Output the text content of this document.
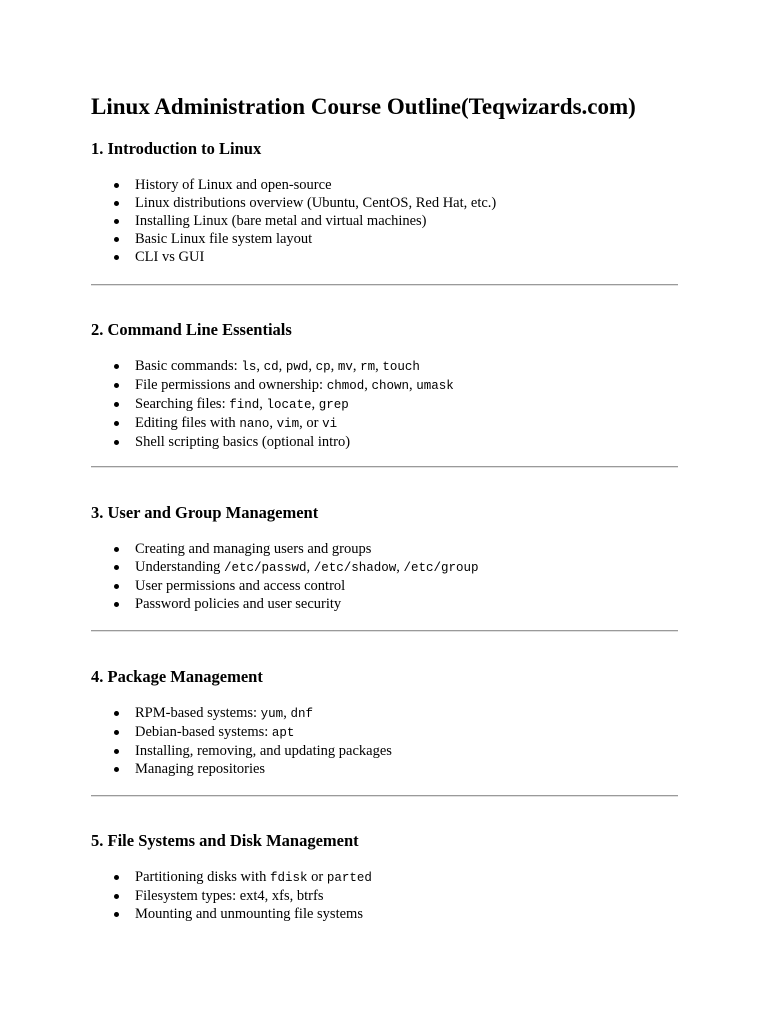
Linux Administration Course Outline(Teqwizards.com)
1. Introduction to Linux
History of Linux and open-source
Linux distributions overview (Ubuntu, CentOS, Red Hat, etc.)
Installing Linux (bare metal and virtual machines)
Basic Linux file system layout
CLI vs GUI
2. Command Line Essentials
Basic commands: ls, cd, pwd, cp, mv, rm, touch
File permissions and ownership: chmod, chown, umask
Searching files: find, locate, grep
Editing files with nano, vim, or vi
Shell scripting basics (optional intro)
3. User and Group Management
Creating and managing users and groups
Understanding /etc/passwd, /etc/shadow, /etc/group
User permissions and access control
Password policies and user security
4. Package Management
RPM-based systems: yum, dnf
Debian-based systems: apt
Installing, removing, and updating packages
Managing repositories
5. File Systems and Disk Management
Partitioning disks with fdisk or parted
Filesystem types: ext4, xfs, btrfs
Mounting and unmounting file systems
